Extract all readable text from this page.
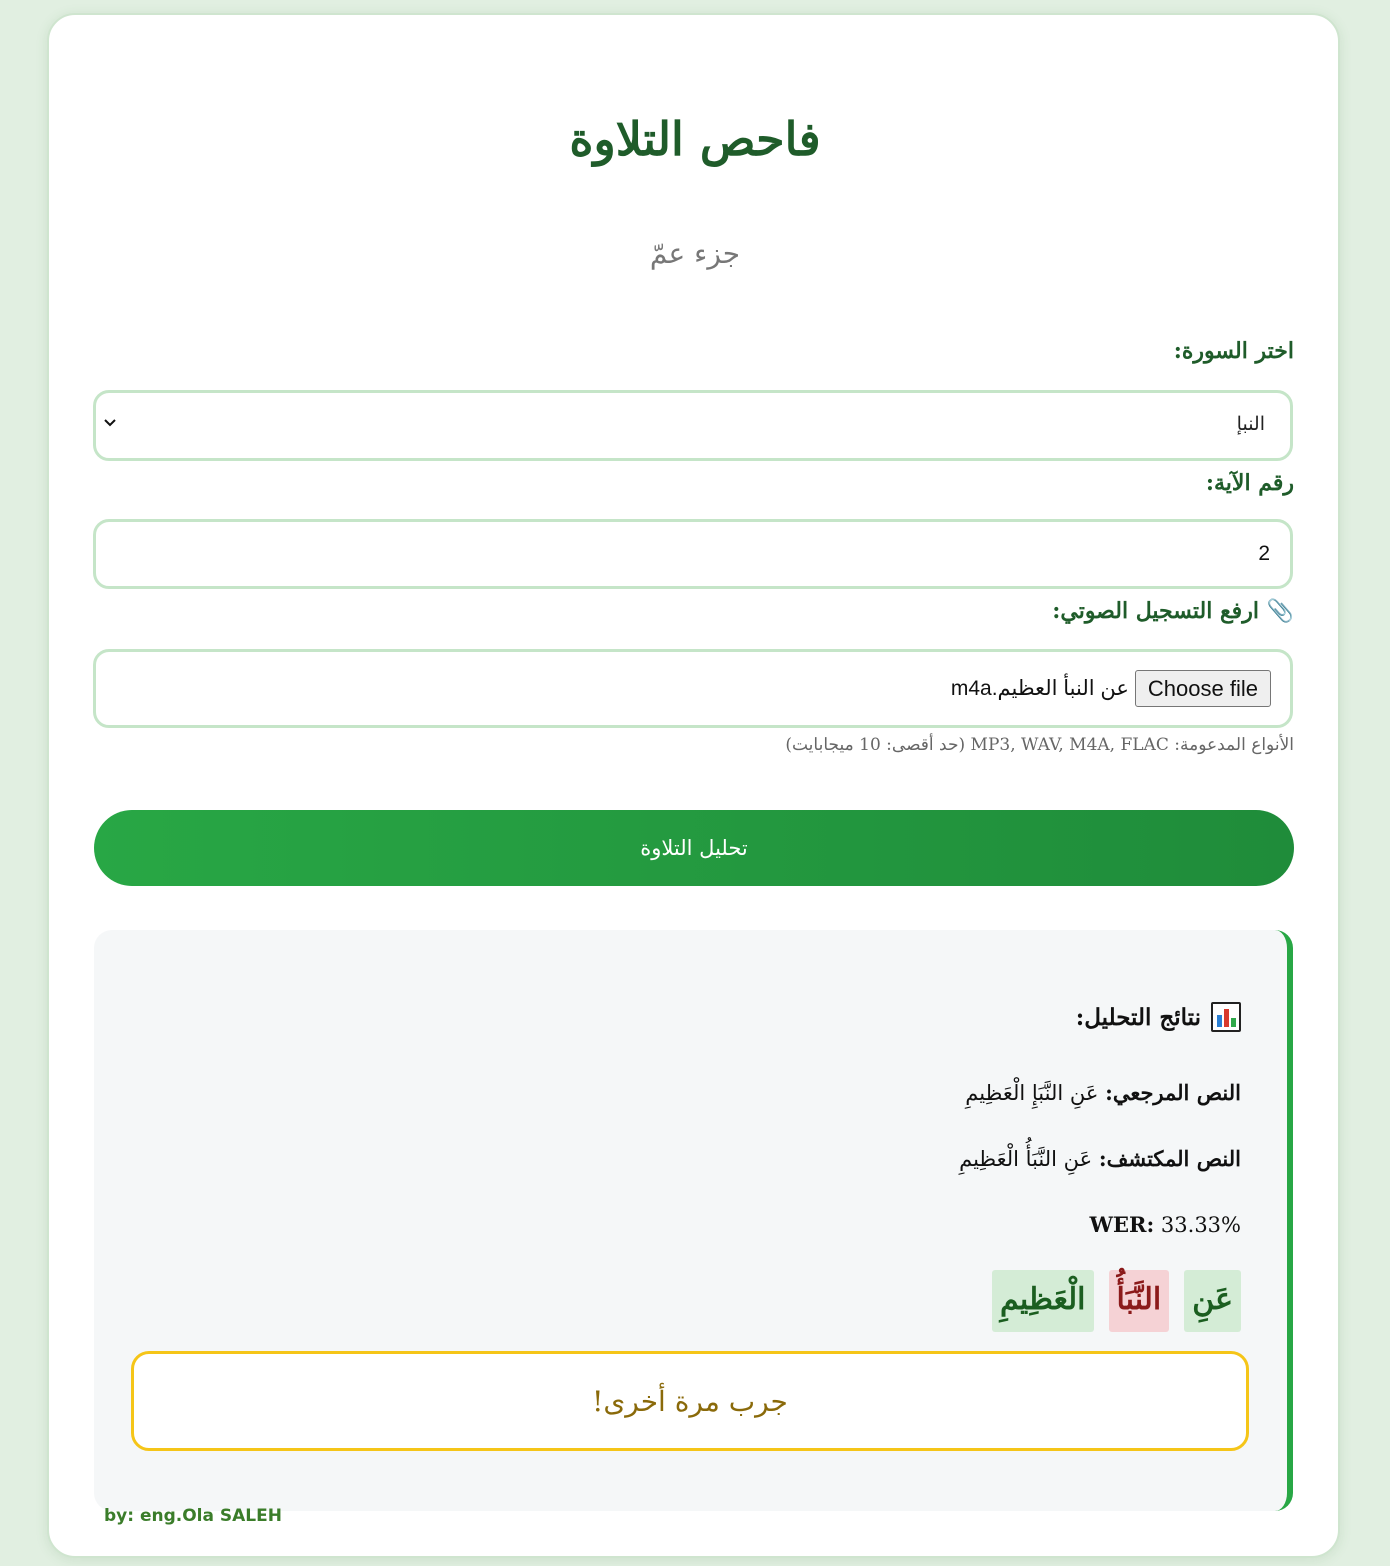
فاحص التلاوة
جزء عمّ
اختر السورة:
النبإ
رقم الآية:
2
📎 ارفع التسجيل الصوتي:
Choose file
عن النبأ العظيم.m4a
الأنواع المدعومة: MP3, WAV, M4A, FLAC (حد أقصى: 10 ميجابايت)
تحليل التلاوة
نتائج التحليل:
النص المرجعي: عَنِ النَّبَإِ الْعَظِيمِ
النص المكتشف: عَنِ النَّبَأُ الْعَظِيمِ
WER: 33.33%
عَنِ
النَّبَأُ
الْعَظِيمِ
جرب مرة أخرى!
by: eng.Ola SALEH
